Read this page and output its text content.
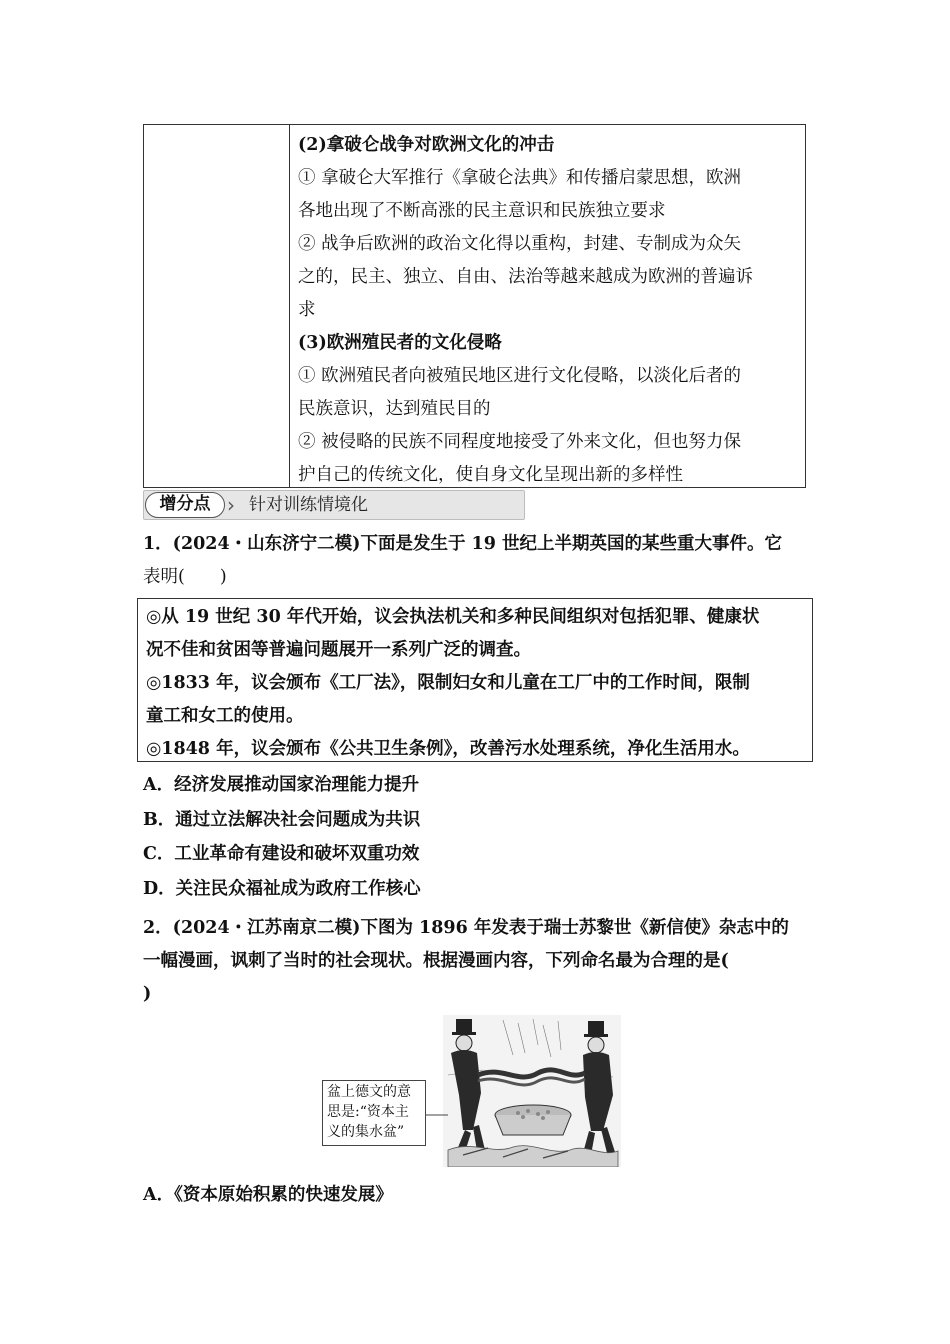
(2)拿破仑战争对欧洲文化的冲击
① 拿破仑大军推行《拿破仑法典》和传播启蒙思想，欧洲
各地出现了不断高涨的民主意识和民族独立要求
② 战争后欧洲的政治文化得以重构，封建、专制成为众矢
之的，民主、独立、自由、法治等越来越成为欧洲的普遍诉
求
(3)欧洲殖民者的文化侵略
① 欧洲殖民者向被殖民地区进行文化侵略，以淡化后者的
民族意识，达到殖民目的
② 被侵略的民族不同程度地接受了外来文化，但也努力保
护自己的传统文化，使自身文化呈现出新的多样性
增分点 › 针对训练情境化

1．(2024・山东济宁二模)下面是发生于 19 世纪上半期英国的某些重大事件。它

表明(　　)

◎从 19 世纪 30 年代开始，议会执法机关和多种民间组织对包括犯罪、健康状
况不佳和贫困等普遍问题展开一系列广泛的调查。
◎1833 年，议会颁布《工厂法》，限制妇女和儿童在工厂中的工作时间，限制
童工和女工的使用。
◎1848 年，议会颁布《公共卫生条例》，改善污水处理系统，净化生活用水。
A．经济发展推动国家治理能力提升
B．通过立法解决社会问题成为共识
C．工业革命有建设和破坏双重功效
D．关注民众福祉成为政府工作核心

2．(2024・江苏南京二模)下图为 1896 年发表于瑞士苏黎世《新信使》杂志中的

一幅漫画，讽刺了当时的社会现状。根据漫画内容，下列命名最为合理的是(

)

盆上德文的意
思是:“资本主
义的集水盆”
A．《资本原始积累的快速发展》
